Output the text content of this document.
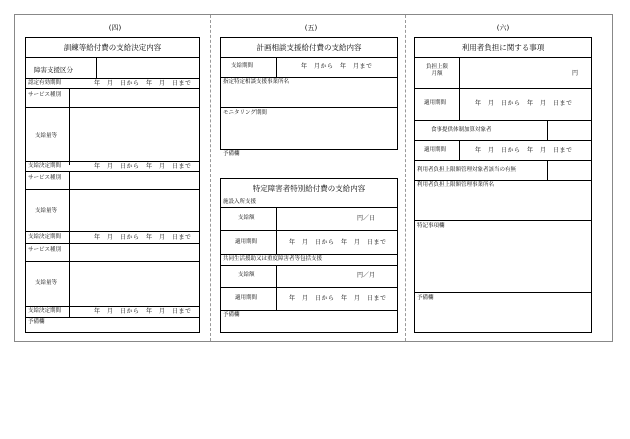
(四)	(五)	(六)
訓練等給付費の支給決定内容
障害支援区分
認定有効期間	年　月　日から　年　月　日まで
サービス種別
支給量等
支給決定期間	年　月　日から　年　月　日まで
サービス種別
支給量等
支給決定期間	年　月　日から　年　月　日まで
サービス種別
支給量等
支給決定期間	年　月　日から　年　月　日まで
予備欄
計画相談支援給付費の支給内容
支給期間	年　月から　年　月まで
指定特定相談支援事業所名
モニタリング期間
予備欄
特定障害者特別給付費の支給内容
施設入所支援
支給額	円／日
適用期間	年　月　日から　年　月　日まで
共同生活援助又は重度障害者等包括支援
支給額	円／月
適用期間	年　月　日から　年　月　日まで
予備欄
利用者負担に関する事項
負担上限月額	円
適用期間	年　月　日から　年　月　日まで
食事提供体制加算対象者
適用期間	年　月　日から　年　月　日まで
利用者負担上限額管理対象者該当の有無
利用者負担上限額管理事業所名
特記事項欄
予備欄
